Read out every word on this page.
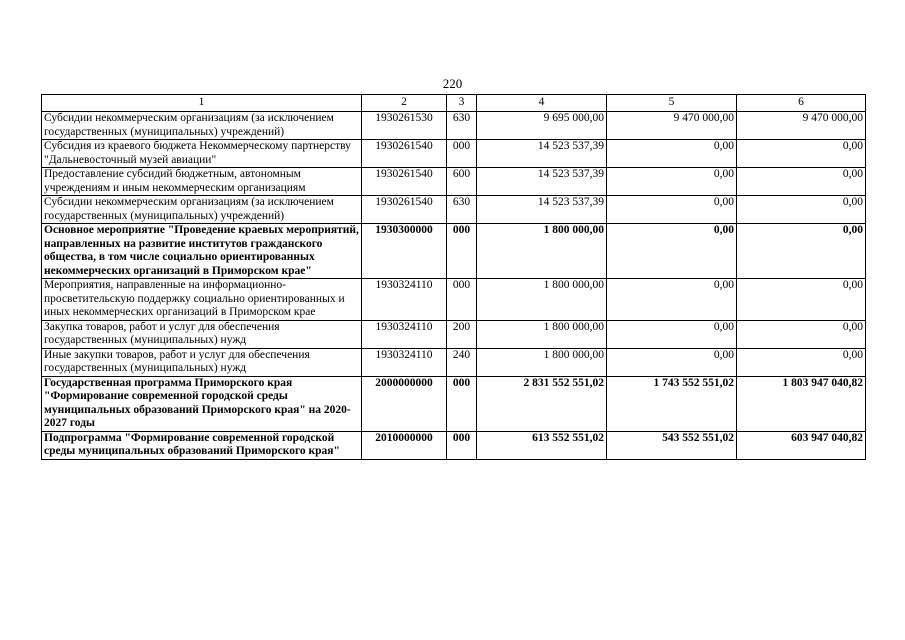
220
1	2	3	4	5	6
Субсидии некоммерческим организациям (за исключением государственных (муниципальных) учреждений)	1930261530	630	9 695 000,00	9 470 000,00	9 470 000,00
Субсидия из краевого бюджета Некоммерческому партнерству "Дальневосточный музей авиации"	1930261540	000	14 523 537,39	0,00	0,00
Предоставление субсидий бюджетным, автономным учреждениям и иным некоммерческим организациям	1930261540	600	14 523 537,39	0,00	0,00
Субсидии некоммерческим организациям (за исключением государственных (муниципальных) учреждений)	1930261540	630	14 523 537,39	0,00	0,00
Основное мероприятие "Проведение краевых мероприятий, направленных на развитие институтов гражданского общества, в том числе социально ориентированных некоммерческих организаций в Приморском крае"	1930300000	000	1 800 000,00	0,00	0,00
Мероприятия, направленные на информационно-просветительскую поддержку социально ориентированных и иных некоммерческих организаций в Приморском крае	1930324110	000	1 800 000,00	0,00	0,00
Закупка товаров, работ и услуг для обеспечения государственных (муниципальных) нужд	1930324110	200	1 800 000,00	0,00	0,00
Иные закупки товаров, работ и услуг для обеспечения государственных (муниципальных) нужд	1930324110	240	1 800 000,00	0,00	0,00
Государственная программа Приморского края "Формирование современной городской среды муниципальных образований Приморского края" на 2020-2027 годы	2000000000	000	2 831 552 551,02	1 743 552 551,02	1 803 947 040,82
Подпрограмма "Формирование современной городской среды муниципальных образований Приморского края"	2010000000	000	613 552 551,02	543 552 551,02	603 947 040,82
